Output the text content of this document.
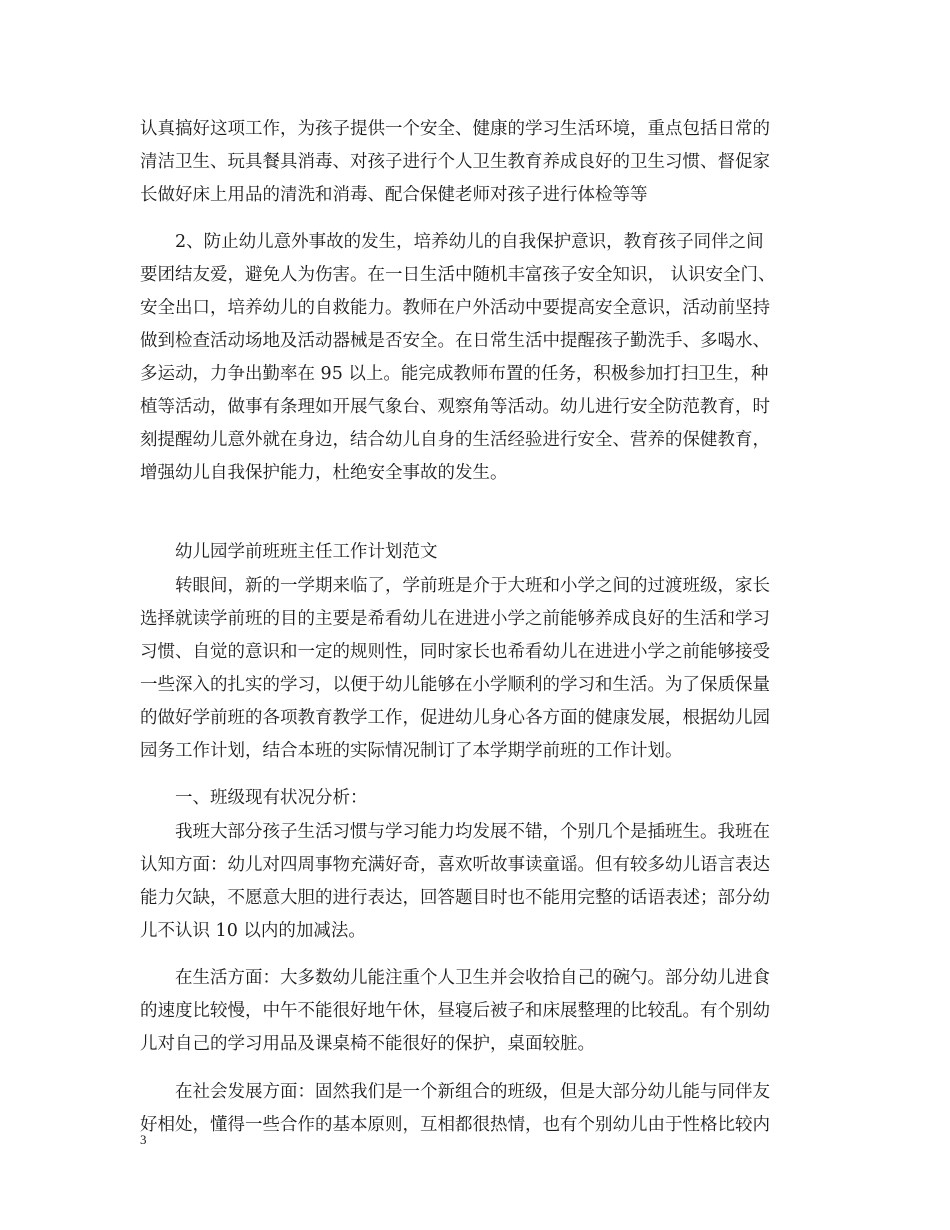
认真搞好这项工作，为孩子提供一个安全、健康的学习生活环境，重点包括日常的
清洁卫生、玩具餐具消毒、对孩子进行个人卫生教育养成良好的卫生习惯、督促家
长做好床上用品的清洗和消毒、配合保健老师对孩子进行体检等等
2、防止幼儿意外事故的发生，培养幼儿的自我保护意识，教育孩子同伴之间
要团结友爱，避免人为伤害。在一日生活中随机丰富孩子安全知识， 认识安全门、
安全出口，培养幼儿的自救能力。教师在户外活动中要提高安全意识，活动前坚持
做到检查活动场地及活动器械是否安全。在日常生活中提醒孩子勤洗手、多喝水、
多运动，力争出勤率在 95 以上。能完成教师布置的任务，积极参加打扫卫生，种
植等活动，做事有条理如开展气象台、观察角等活动。幼儿进行安全防范教育，时
刻提醒幼儿意外就在身边，结合幼儿自身的生活经验进行安全、营养的保健教育，
增强幼儿自我保护能力，杜绝安全事故的发生。
幼儿园学前班班主任工作计划范文
转眼间，新的一学期来临了，学前班是介于大班和小学之间的过渡班级，家长
选择就读学前班的目的主要是希看幼儿在进进小学之前能够养成良好的生活和学习
习惯、自觉的意识和一定的规则性，同时家长也希看幼儿在进进小学之前能够接受
一些深入的扎实的学习，以便于幼儿能够在小学顺利的学习和生活。为了保质保量
的做好学前班的各项教育教学工作，促进幼儿身心各方面的健康发展，根据幼儿园
园务工作计划，结合本班的实际情况制订了本学期学前班的工作计划。
一、班级现有状况分析：
我班大部分孩子生活习惯与学习能力均发展不错，个别几个是插班生。我班在
认知方面：幼儿对四周事物充满好奇，喜欢听故事读童谣。但有较多幼儿语言表达
能力欠缺，不愿意大胆的进行表达，回答题目时也不能用完整的话语表述；部分幼
儿不认识 10 以内的加减法。
在生活方面：大多数幼儿能注重个人卫生并会收拾自己的碗勺。部分幼儿进食
的速度比较慢，中午不能很好地午休，昼寝后被子和床展整理的比较乱。有个别幼
儿对自己的学习用品及课桌椅不能很好的保护，桌面较脏。
在社会发展方面：固然我们是一个新组合的班级，但是大部分幼儿能与同伴友
好相处，懂得一些合作的基本原则，互相都很热情，也有个别幼儿由于性格比较内
3
